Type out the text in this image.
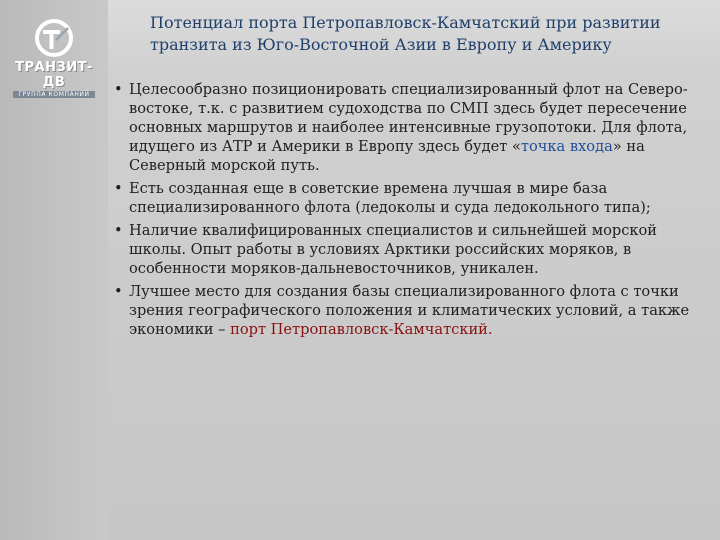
ТРАНЗИТ-ДВ
ГРУППА КОМПАНИЙ
Потенциал порта Петропавловск-Камчатский при развитии
транзита из Юго-Восточной Азии в Европу и Америку
• Целесообразно позиционировать специализированный флот на Северо-востоке, т.к. с развитием судоходства по СМП здесь будет пересечение основных маршрутов и наиболее интенсивные грузопотоки. Для флота, идущего из АТР и Америки в Европу здесь будет «точка входа» на Северный морской путь.
• Есть созданная еще в советские времена лучшая в мире база специализированного флота (ледоколы и суда ледокольного типа);
• Наличие квалифицированных специалистов и сильнейшей морской школы. Опыт работы в условиях Арктики российских моряков, в особенности моряков-дальневосточников, уникален.
• Лучшее место для создания базы специализированного флота с точки зрения географического положения и климатических условий, а также экономики – порт Петропавловск-Камчатский.
